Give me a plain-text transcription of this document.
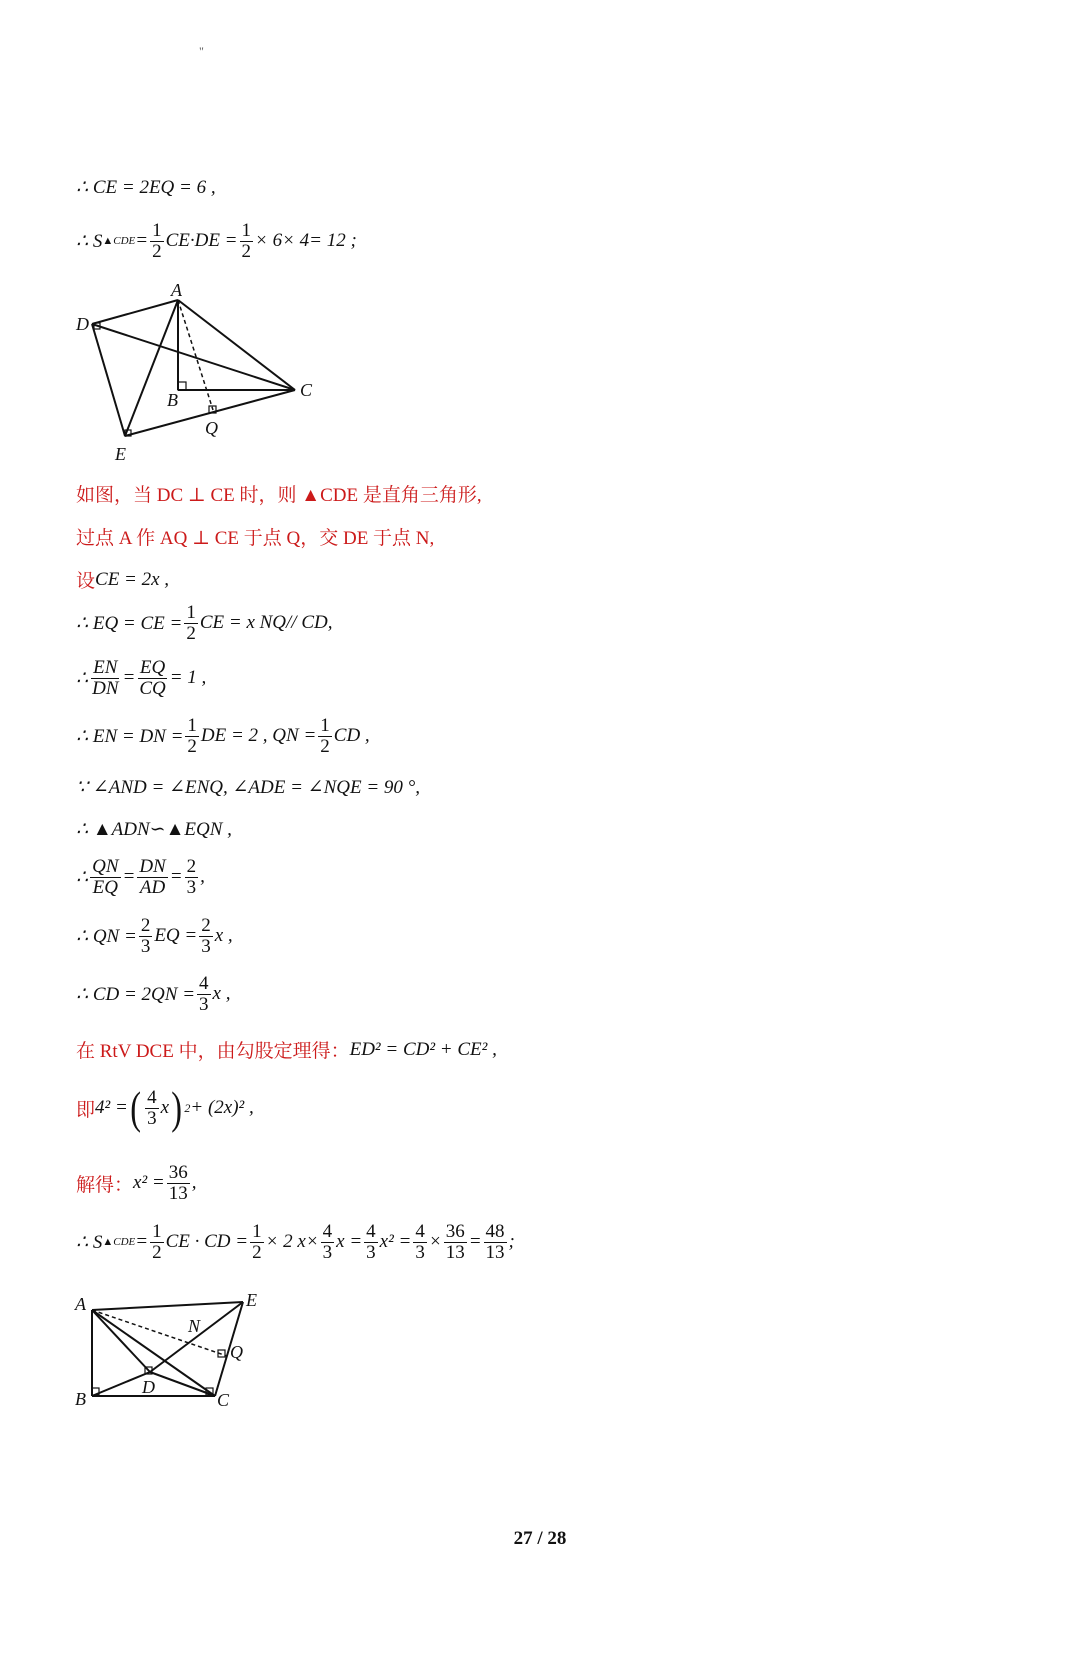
"
∴ CE = 2EQ = 6 ,
∴ S ▲CDE = $\frac{1}{2} CE\cdot DE = \frac{1}{2} \times 6\times 4= 12$ ;
A
D
B	C
Q
E
如图，当 DC ⊥ CE 时，则 ▲CDE 是直角三角形,
过点 A 作 AQ ⊥ CE 于点 Q，交 DE 于点 N,
设 CE = 2x ,
∴ EQ = CE = $\frac{1}{2}$ CE = x NQ// CD,
∴ $\frac{EN}{DN} = \frac{EQ}{CQ} = 1$ ,
∴ EN = DN = $\frac{1}{2}$ DE = 2 , QN = $\frac{1}{2}$ CD ,
∵ ∠AND = ∠ENQ, ∠ADE = ∠NQE = 90 °,
∴ ▲ADN∽▲EQN ,
∴ $\frac{QN}{EQ} = \frac{DN}{AD} = \frac{2}{3}$ ,
∴ QN = $\frac{2}{3}$ EQ = $\frac{2}{3}$ x ,
∴ CD = $2QN = \frac{4}{3}$ x ,
在 RtV DCE 中，由勾股定理得： ED² = CD² + CE² ,
即 4² = ( $\frac{4}{3}$ x ) 2 + (2x)² ,
解得： $x^2 = \frac{36}{13}$ ,
∴ S ▲CDE = $\frac{1}{2}$ CE · CD = $\frac{1}{2} \times 2$ $x\times \frac{4}{3}$ $x = \frac{4}{3} x^2 = \frac{4}{3} \times \frac{36}{13} = \frac{48}{13}$ ;
A	E
N
Q
B
D
C
27 / 28
